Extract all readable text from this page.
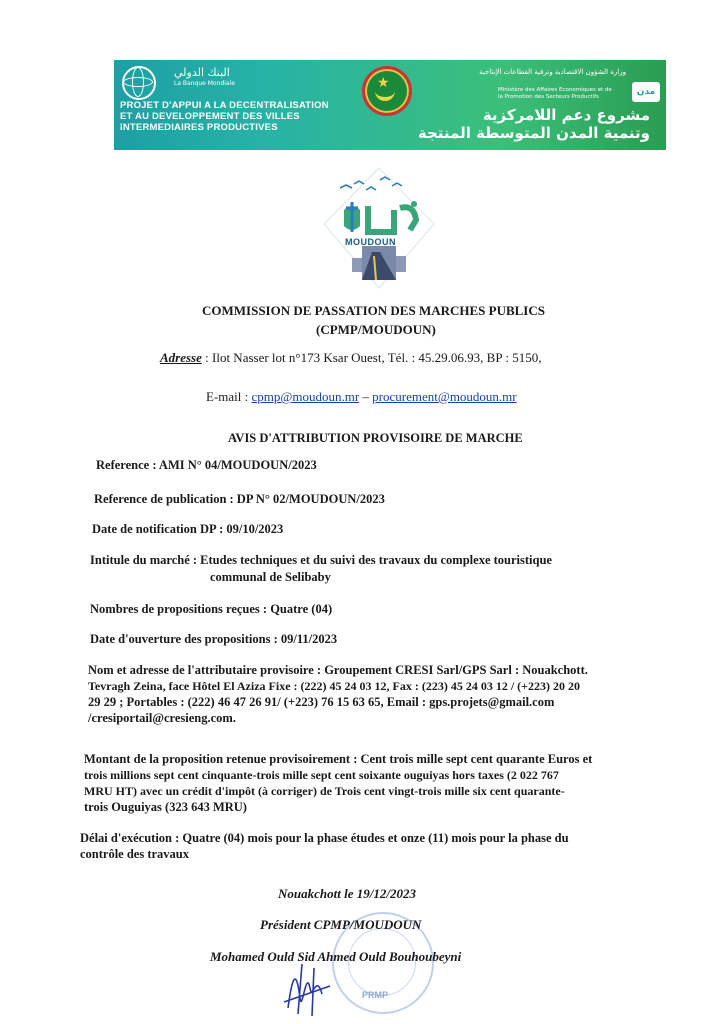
البنك الدولي
La Banque Mondiale
PROJET D'APPUI A LA DECENTRALISATION
ET AU DEVELOPPEMENT DES VILLES
INTERMEDIAIRES PRODUCTIVES
★
وزارة الشؤون الاقتصادية وترقية القطاعات الإنتاجية
Ministère des Affaires Economiques et de la Promotion des Secteurs Productifs
مشروع دعم اللامركزية
وتنمية المدن المتوسطة المنتجة
مدن
MOUDOUN
COMMISSION DE PASSATION DES MARCHES PUBLICS
(CPMP/MOUDOUN)
Adresse : Ilot Nasser lot n°173 Ksar Ouest, Tél. : 45.29.06.93, BP : 5150,
E-mail : cpmp@moudoun.mr – procurement@moudoun.mr
AVIS D'ATTRIBUTION PROVISOIRE DE MARCHE
Reference : AMI N° 04/MOUDOUN/2023
Reference de publication : DP N° 02/MOUDOUN/2023
Date de notification DP : 09/10/2023
Intitule du marché : Etudes techniques et du suivi des travaux du complexe touristique
communal de Selibaby
Nombres de propositions reçues : Quatre (04)
Date d'ouverture des propositions : 09/11/2023
Nom et adresse de l'attributaire provisoire : Groupement CRESI Sarl/GPS Sarl : Nouakchott.
Tevragh Zeina, face Hôtel El Aziza Fixe : (222) 45 24 03 12, Fax : (223) 45 24 03 12 / (+223) 20 20
29 29 ; Portables : (222) 46 47 26 91/ (+223) 76 15 63 65, Email : gps.projets@gmail.com
/cresiportail@cresieng.com.
Montant de la proposition retenue provisoirement : Cent trois mille sept cent quarante Euros et
trois millions sept cent cinquante-trois mille sept cent soixante ouguiyas hors taxes (2 022 767
MRU HT) avec un crédit d'impôt (à corriger) de Trois cent vingt-trois mille six cent quarante-
trois Ouguiyas (323 643 MRU)
Délai d'exécution : Quatre (04) mois pour la phase études et onze (11) mois pour la phase du
contrôle des travaux
PRMP
Nouakchott le 19/12/2023
Président CPMP/MOUDOUN
Mohamed Ould Sid Ahmed Ould Bouhoubeyni
